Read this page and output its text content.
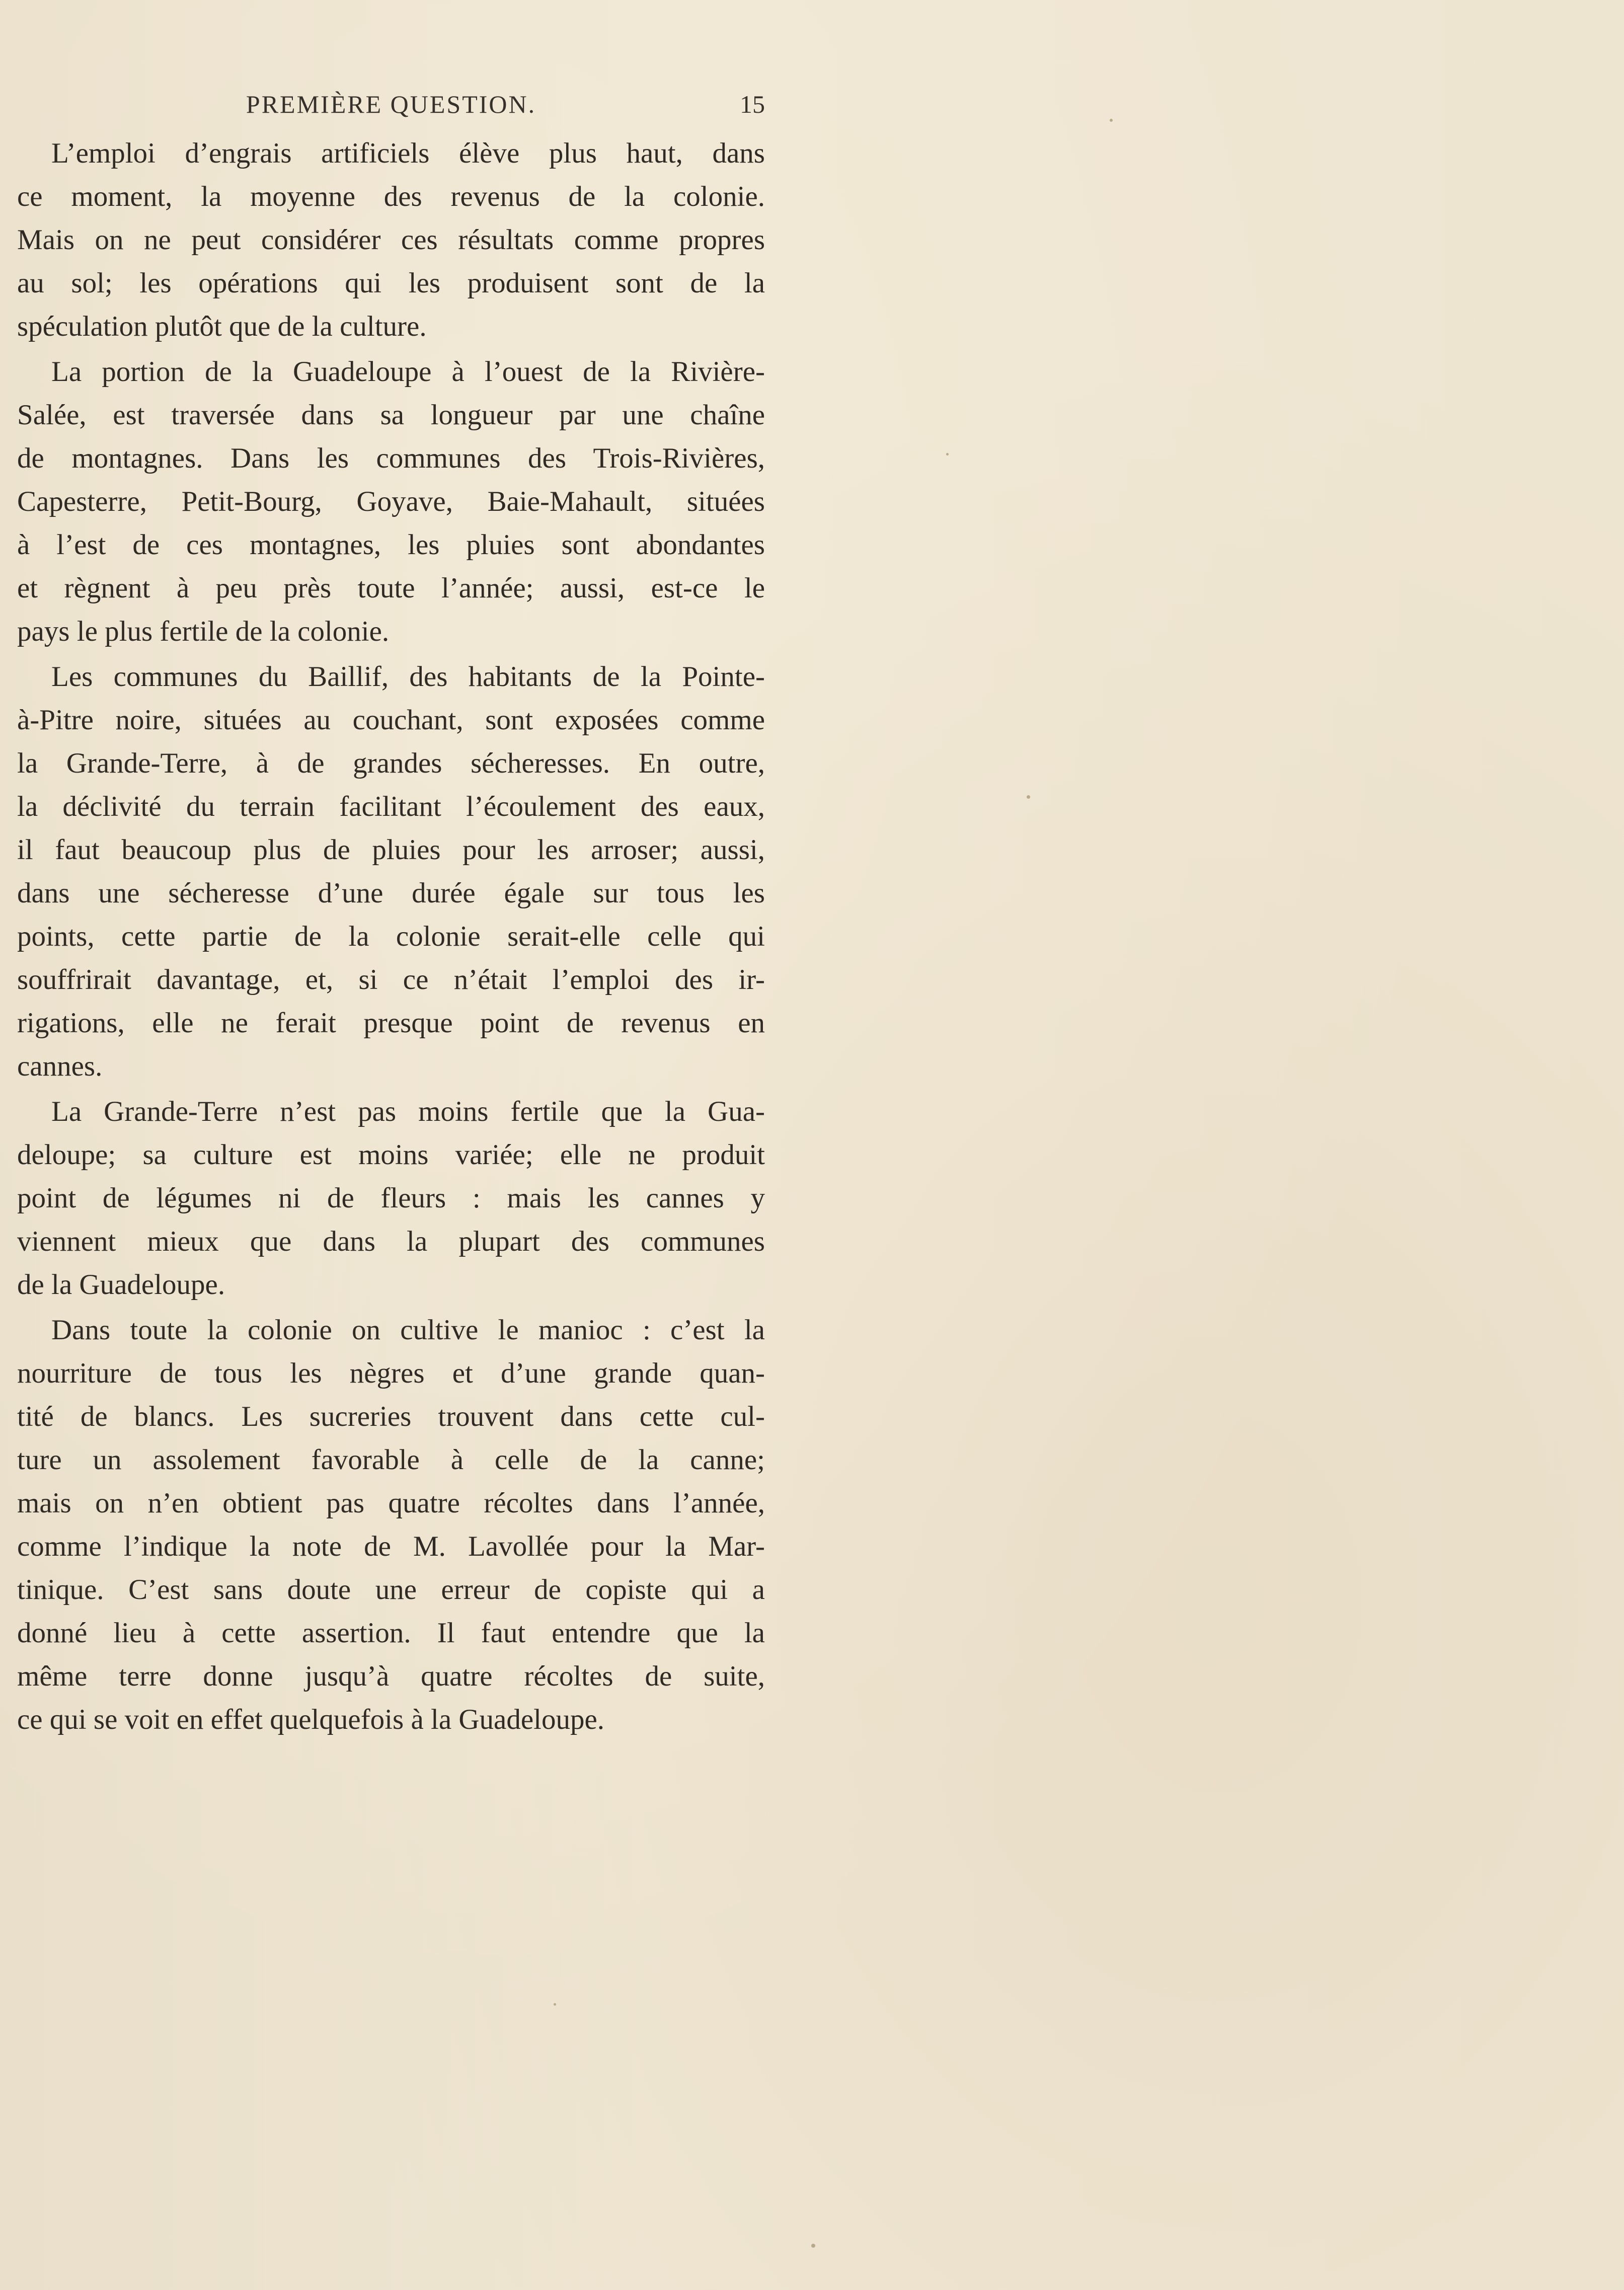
PREMIÈRE QUESTION.	15
L’emploi d’engrais artificiels élève plus haut, dans
ce moment, la moyenne des revenus de la colonie.
Mais on ne peut considérer ces résultats comme propres
au sol; les opérations qui les produisent sont de la
spéculation plutôt que de la culture.
La portion de la Guadeloupe à l’ouest de la Rivière-
Salée, est traversée dans sa longueur par une chaîne
de montagnes. Dans les communes des Trois-Rivières,
Capesterre, Petit-Bourg, Goyave, Baie-Mahault, situées
à l’est de ces montagnes, les pluies sont abondantes
et règnent à peu près toute l’année; aussi, est-ce le
pays le plus fertile de la colonie.
Les communes du Baillif, des habitants de la Pointe-
à-Pitre noire, situées au couchant, sont exposées comme
la Grande-Terre, à de grandes sécheresses. En outre,
la déclivité du terrain facilitant l’écoulement des eaux,
il faut beaucoup plus de pluies pour les arroser; aussi,
dans une sécheresse d’une durée égale sur tous les
points, cette partie de la colonie serait-elle celle qui
souffrirait davantage, et, si ce n’était l’emploi des ir-
rigations, elle ne ferait presque point de revenus en
cannes.
La Grande-Terre n’est pas moins fertile que la Gua-
deloupe; sa culture est moins variée; elle ne produit
point de légumes ni de fleurs : mais les cannes y
viennent mieux que dans la plupart des communes
de la Guadeloupe.
Dans toute la colonie on cultive le manioc : c’est la
nourriture de tous les nègres et d’une grande quan-
tité de blancs. Les sucreries trouvent dans cette cul-
ture un assolement favorable à celle de la canne;
mais on n’en obtient pas quatre récoltes dans l’année,
comme l’indique la note de M. Lavollée pour la Mar-
tinique. C’est sans doute une erreur de copiste qui a
donné lieu à cette assertion. Il faut entendre que la
même terre donne jusqu’à quatre récoltes de suite,
ce qui se voit en effet quelquefois à la Guadeloupe.
